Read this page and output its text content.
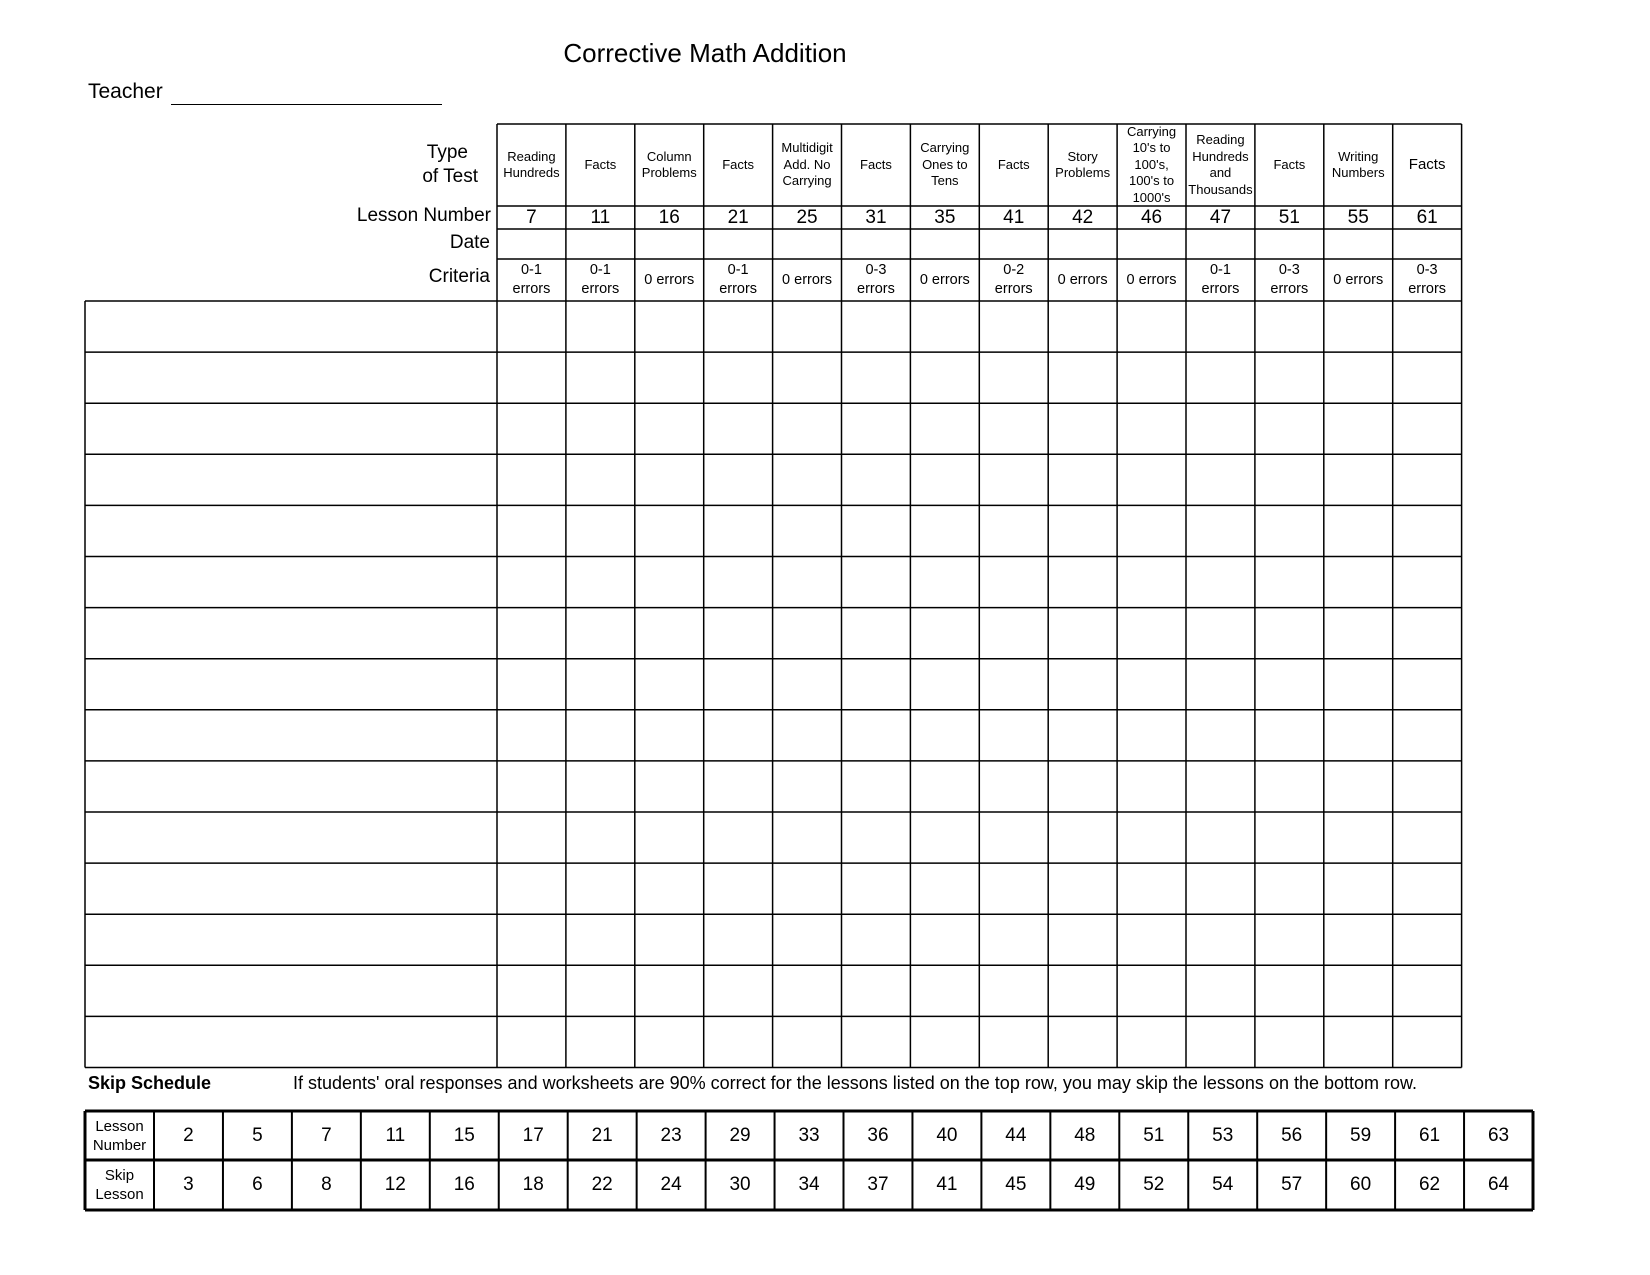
Corrective Math Addition
Teacher
Type
of Test
Lesson Number
Date
Criteria
Reading Hundreds
7
0-1 errors
Facts
11
0-1 errors
Column Problems
16
0 errors
Facts
21
0-1 errors
Multidigit Add. No Carrying
25
0 errors
Facts
31
0-3 errors
Carrying Ones to Tens
35
0 errors
Facts
41
0-2 errors
Story Problems
42
0 errors
Carrying 10's to 100's, 100's to 1000's
46
0 errors
Reading Hundreds and Thousands
47
0-1 errors
Facts
51
0-3 errors
Writing Numbers
55
0 errors
Facts
61
0-3 errors
Skip Schedule	If students' oral responses and worksheets are 90% correct for the lessons listed on the top row, you may skip the lessons on the bottom row.
Lesson Number
Skip Lesson
2
3
5
6
7
8
11
12
15
16
17
18
21
22
23
24
29
30
33
34
36
37
40
41
44
45
48
49
51
52
53
54
56
57
59
60
61
62
63
64
